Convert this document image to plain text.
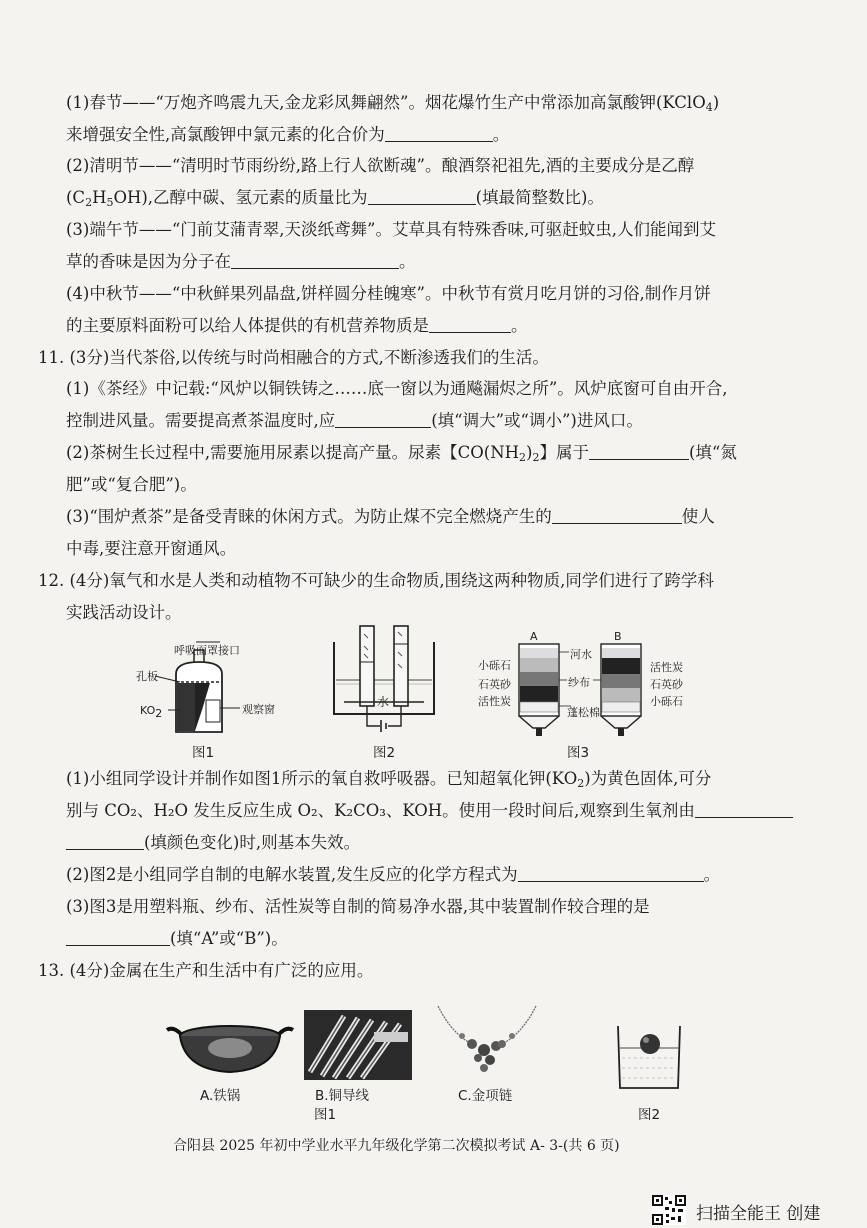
(1)春节——“万炮齐鸣震九天,金龙彩凤舞翩然”。烟花爆竹生产中常添加高氯酸钾(KClO$_4$)
来增强安全性,高氯酸钾中氯元素的化合价为	。
(2)清明节——“清明时节雨纷纷,路上行人欲断魂”。酿酒祭祀祖先,酒的主要成分是乙醇
$(C_2H_5OH)$,乙醇中碳、氢元素的质量比为	(填最简整数比)。
(3)端午节——“门前艾蒲青翠,天淡纸鸢舞”。艾草具有特殊香味,可驱赶蚊虫,人们能闻到艾
草的香味是因为分子在	。
(4)中秋节——“中秋鲜果列晶盘,饼样圆分桂魄寒”。中秋节有赏月吃月饼的习俗,制作月饼
的主要原料面粉可以给人体提供的有机营养物质是	。
11. (3分)当代茶俗,以传统与时尚相融合的方式,不断渗透我们的生活。
(1)《茶经》中记载:“风炉以铜铁铸之……底一窗以为通飚漏烬之所”。风炉底窗可自由开合,
控制进风量。需要提高煮茶温度时,应	(填“调大”或“调小”)进风口。
(2)茶树生长过程中,需要施用尿素以提高产量。尿素【$CO(NH_2)_2$】属于	(填“氮
肥”或“复合肥”)。
(3)“围炉煮茶”是备受青睐的休闲方式。为防止煤不完全燃烧产生的	使人
中毒,要注意开窗通风。
12. (4分)氧气和水是人类和动植物不可缺少的生命物质,围绕这两种物质,同学们进行了跨学科
实践活动设计。
呼吸面罩接口
孔板
KO2	观察窗
图1
水
图2
A	B
河水
纱布
蓬松棉
小砾石
石英砂
活性炭
活性炭
石英砂
小砾石
图3
(1)小组同学设计并制作如图1所示的氧自救呼吸器。已知超氧化钾$(KO_2)$为黄色固体,可分
别与 CO₂、H₂O 发生反应生成 O₂、K₂CO₃、KOH。使用一段时间后,观察到生氧剂由
(填颜色变化)时,则基本失效。
(2)图2是小组同学自制的电解水装置,发生反应的化学方程式为	。
(3)图3是用塑料瓶、纱布、活性炭等自制的简易净水器,其中装置制作较合理的是
(填“A”或“B”)。
13. (4分)金属在生产和生活中有广泛的应用。
A.铁锅	B.铜导线	C.金项链
图1	图2
合阳县 2025 年初中学业水平九年级化学第二次模拟考试 A- 3-(共 6 页)
扫描全能王 创建
